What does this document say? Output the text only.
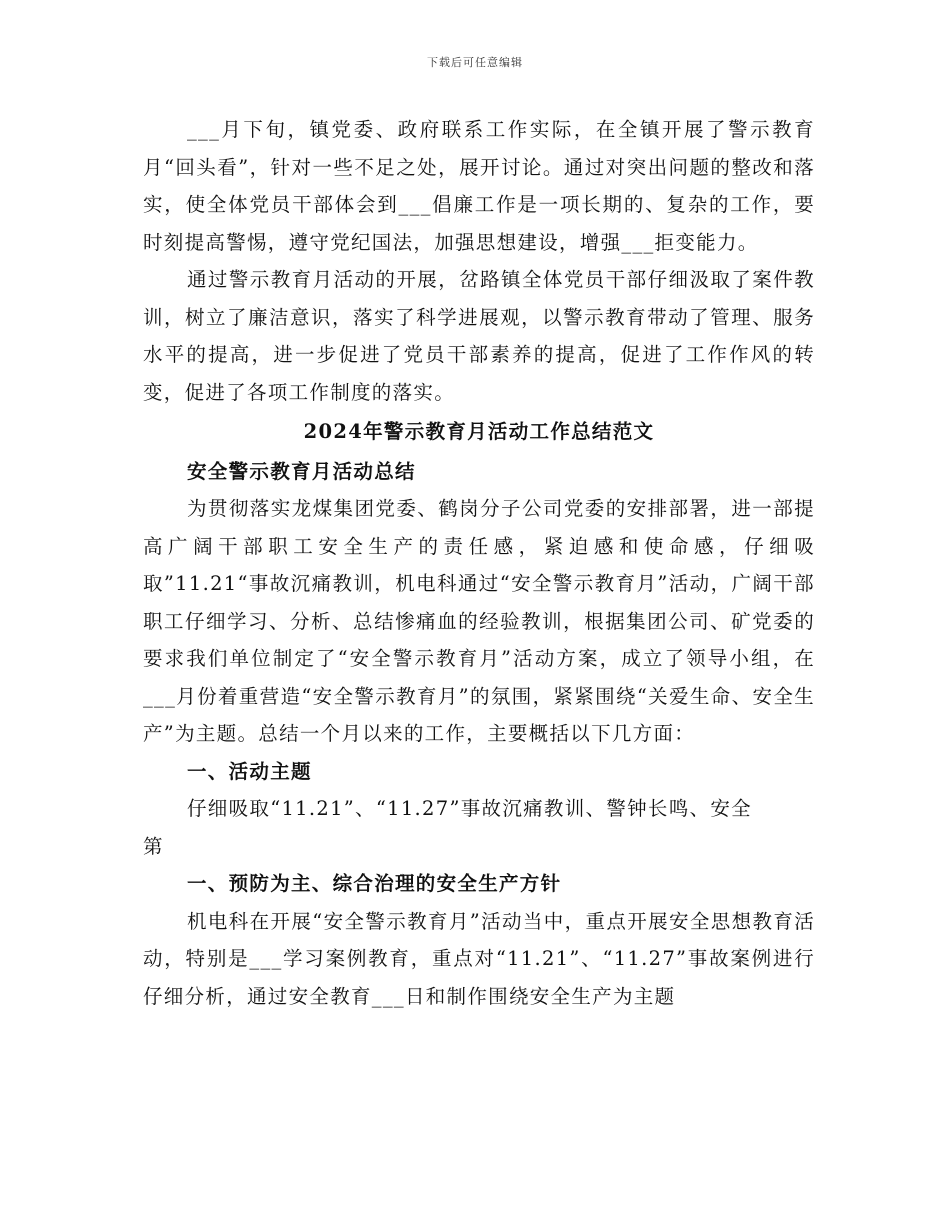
下载后可任意编辑

___月下旬，镇党委、政府联系工作实际，在全镇开展了警示教育月“回头看”，针对一些不足之处，展开讨论。通过对突出问题的整改和落实，使全体党员干部体会到___倡廉工作是一项长期的、复杂的工作，要时刻提高警惕，遵守党纪国法，加强思想建设，增强___拒变能力。

通过警示教育月活动的开展，岔路镇全体党员干部仔细汲取了案件教训，树立了廉洁意识，落实了科学进展观，以警示教育带动了管理、服务水平的提高，进一步促进了党员干部素养的提高，促进了工作作风的转变，促进了各项工作制度的落实。

2024年警示教育月活动工作总结范文

安全警示教育月活动总结

为贯彻落实龙煤集团党委、鹤岗分子公司党委的安排部署，进一部提高广阔干部职工安全生产的责任感，紧迫感和使命感，仔细吸取”11.21“事故沉痛教训，机电科通过“安全警示教育月”活动，广阔干部职工仔细学习、分析、总结惨痛血的经验教训，根据集团公司、矿党委的要求我们单位制定了“安全警示教育月”活动方案，成立了领导小组，在___月份着重营造“安全警示教育月”的氛围，紧紧围绕“关爱生命、安全生产”为主题。总结一个月以来的工作，主要概括以下几方面：

一、活动主题

仔细吸取“11.21”、“11.27”事故沉痛教训、警钟长鸣、安全

第

一、预防为主、综合治理的安全生产方针

机电科在开展“安全警示教育月”活动当中，重点开展安全思想教育活动，特别是___学习案例教育，重点对“11.21”、“11.27”事故案例进行仔细分析，通过安全教育___日和制作围绕安全生产为主题
